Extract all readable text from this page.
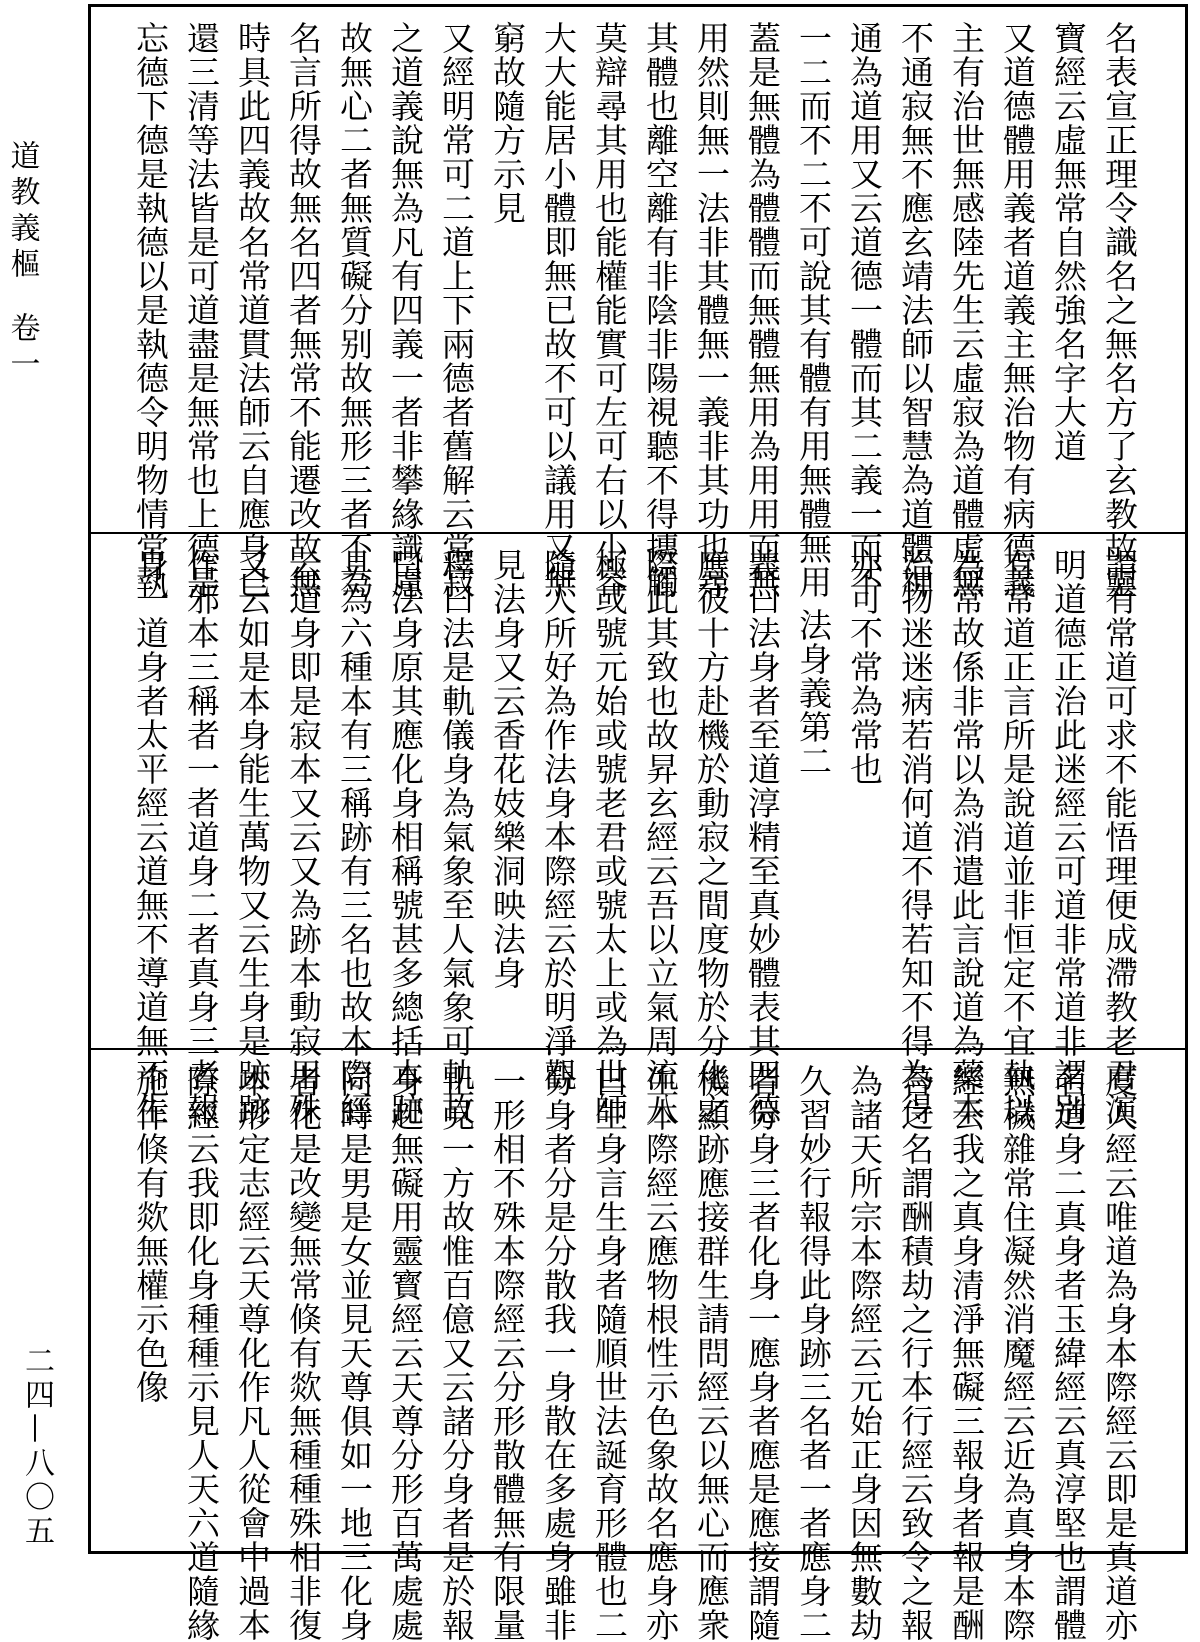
道教義樞卷一
二四—八〇五
名表宣正理令識名之無名方了玄教故靈
寶經云虛無常自然強名字大道
又道德體用義者道義主無治物有病德義
主有治世無感陸先生云虛寂為道體虛無
不通寂無不應玄靖法師以智慧為道體神
通為道用又云道德一體而其二義一而不
一二而不二不可說其有體有用無體無用
蓋是無體為體體而無體無用為用用而無
用然則無一法非其體無一義非其功也尋
其體也離空離有非陰非陽視聽不得摶觸
莫辯尋其用也能權能實可左可右以小容
大大能居小體即無已故不可以議用又無
窮故隨方示見
又經明常可二道上下兩德者舊解云常寂
之道義說無為凡有四義一者非攀緣識慮
故無心二者無質礙分别故無形三者不為
名言所得故無名四者無常不能遷改故無
時具此四義故名常道貫法師云自應身已
還三清等法皆是可道盡是無常也上德是
忘德下德是執德以是執德令明物情常執
謂有常道可求不能悟理便成滯教老君演
明道德正治此迷經云可道非常道非謂别
有常道正言所是說道並非恒定不宜執以
為常故係非常以為消遣此言說道為藥本
治物迷迷病若消何道不得若知不得為得
亦可不常為常也
法身義第二
義曰法身者至道淳精至真妙體表其四德
應彼十方赴機於動寂之間度物於分化之
際此其致也故昇玄經云吾以立氣周流八
極或號元始或號老君或號太上或為世師
隨人所好為作法身本際經云於明淨觀
見法身又云香花妓樂洞映法身
釋曰法是軌儀身為氣象至人氣象可軌故
曰法身原其應化身相稱號甚多總括本跡
具為六種本有三稱跡有三名也故本際經
云道身即是寂本又云又為跡本動寂用殊
又云如是本身能生萬物又云生身是跡跡
作邪本三稱者一者道身二者真身三者報
身一道身者太平經云道無不導道無不生
度人經云唯道為身本際經云即是真道亦
名道身二真身者玉緯經云真淳堅也謂體
無穢雜常住凝然消魔經云近為真身本際
經云我之真身清淨無礙三報身者報是酬
荅之名謂酬積劫之行本行經云致令之報
為諸天所宗本際經云元始正身因無數劫
久習妙行報得此身跡三名者一者應身二
者分身三者化身一應身者應是應接謂隨
機顯跡應接群生請問經云以無心而應衆
生本際經云應物根性示色象故名應身亦
曰生身言生身者隨順世法誕育形體也二
分身者分是分散我一身散在多處身雖非
一形相不殊本際經云分形散體無有限量
止見一方故惟百億又云諸分身者是於報
身起無礙用靈寳經云天尊分形百萬處處
同時是男是女並見天尊俱如一地三化身
者化是改變無常倏有欻無種種殊相非復
本形定志經云天尊化作凡人從會中過本
際經云我即化身種種示見人天六道隨緣
施作倏有欻無權示色像
